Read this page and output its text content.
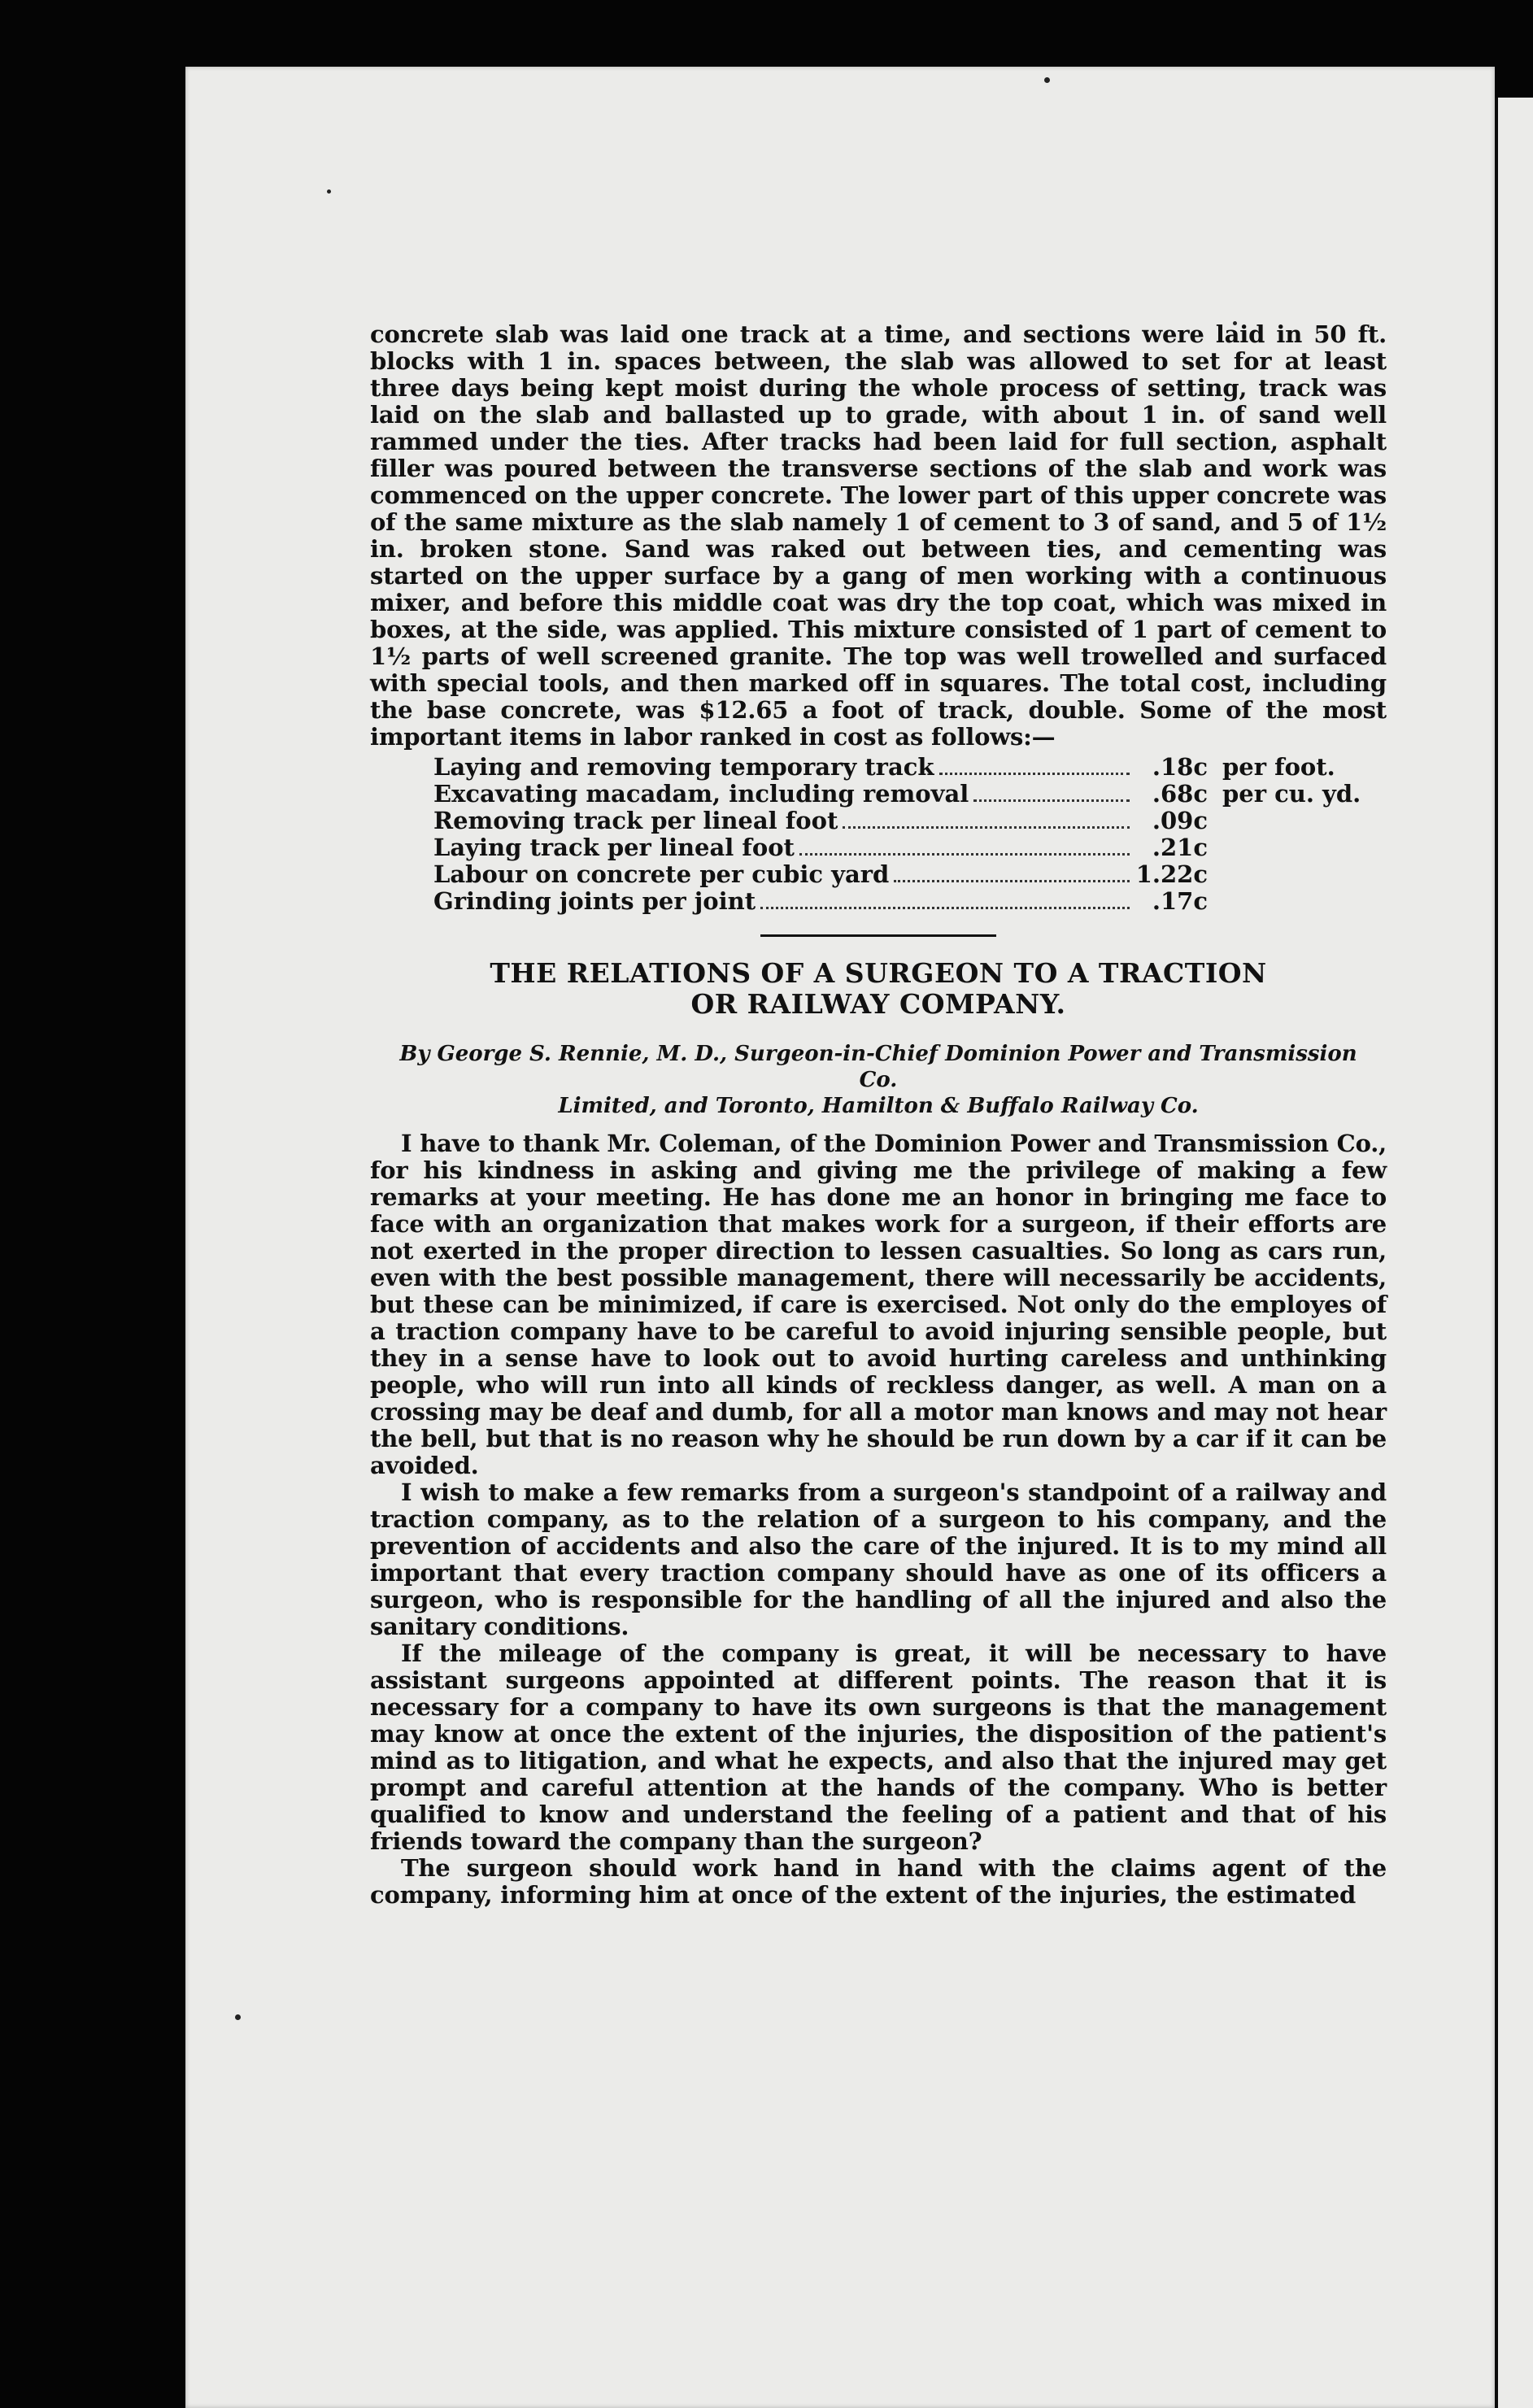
concrete slab was laid one track at a time, and sections were laid in 50 ft. blocks with 1 in. spaces between, the slab was allowed to set for at least three days being kept moist during the whole process of setting, track was laid on the slab and ballasted up to grade, with about 1 in. of sand well rammed under the ties. After tracks had been laid for full section, asphalt filler was poured between the transverse sections of the slab and work was commenced on the upper concrete. The lower part of this upper concrete was of the same mixture as the slab namely 1 of cement to 3 of sand, and 5 of 1½ in. broken stone. Sand was raked out between ties, and cementing was started on the upper surface by a gang of men working with a continuous mixer, and before this middle coat was dry the top coat, which was mixed in boxes, at the side, was applied. This mixture consisted of 1 part of cement to 1½ parts of well screened granite. The top was well trowelled and surfaced with special tools, and then marked off in squares. The total cost, including the base concrete, was $12.65 a foot of track, double. Some of the most important items in labor ranked in cost as follows:—

Laying and removing temporary track	.18c per foot.
Excavating macadam, including removal	.68c per cu. yd.
Removing track per lineal foot	.09c
Laying track per lineal foot	.21c
Labour on concrete per cubic yard	1.22c
Grinding joints per joint	.17c
THE RELATIONS OF A SURGEON TO A TRACTION
OR RAILWAY COMPANY.

By George S. Rennie, M. D., Surgeon-in-Chief Dominion Power and Transmission Co.
Limited, and Toronto, Hamilton & Buffalo Railway Co.

I have to thank Mr. Coleman, of the Dominion Power and Transmission Co., for his kindness in asking and giving me the privilege of making a few remarks at your meeting. He has done me an honor in bringing me face to face with an organization that makes work for a surgeon, if their efforts are not exerted in the proper direction to lessen casualties. So long as cars run, even with the best possible management, there will necessarily be accidents, but these can be minimized, if care is exercised. Not only do the employes of a traction company have to be careful to avoid injuring sensible people, but they in a sense have to look out to avoid hurting careless and unthinking people, who will run into all kinds of reckless danger, as well. A man on a crossing may be deaf and dumb, for all a motor man knows and may not hear the bell, but that is no reason why he should be run down by a car if it can be avoided.

I wish to make a few remarks from a surgeon's standpoint of a railway and traction company, as to the relation of a surgeon to his company, and the prevention of accidents and also the care of the injured. It is to my mind all important that every traction company should have as one of its officers a surgeon, who is responsible for the handling of all the injured and also the sanitary conditions.

If the mileage of the company is great, it will be necessary to have assistant surgeons appointed at different points. The reason that it is necessary for a company to have its own surgeons is that the management may know at once the extent of the injuries, the disposition of the patient's mind as to litigation, and what he expects, and also that the injured may get prompt and careful attention at the hands of the company. Who is better qualified to know and understand the feeling of a patient and that of his friends toward the company than the surgeon?

The surgeon should work hand in hand with the claims agent of the company, informing him at once of the extent of the injuries, the estimated
